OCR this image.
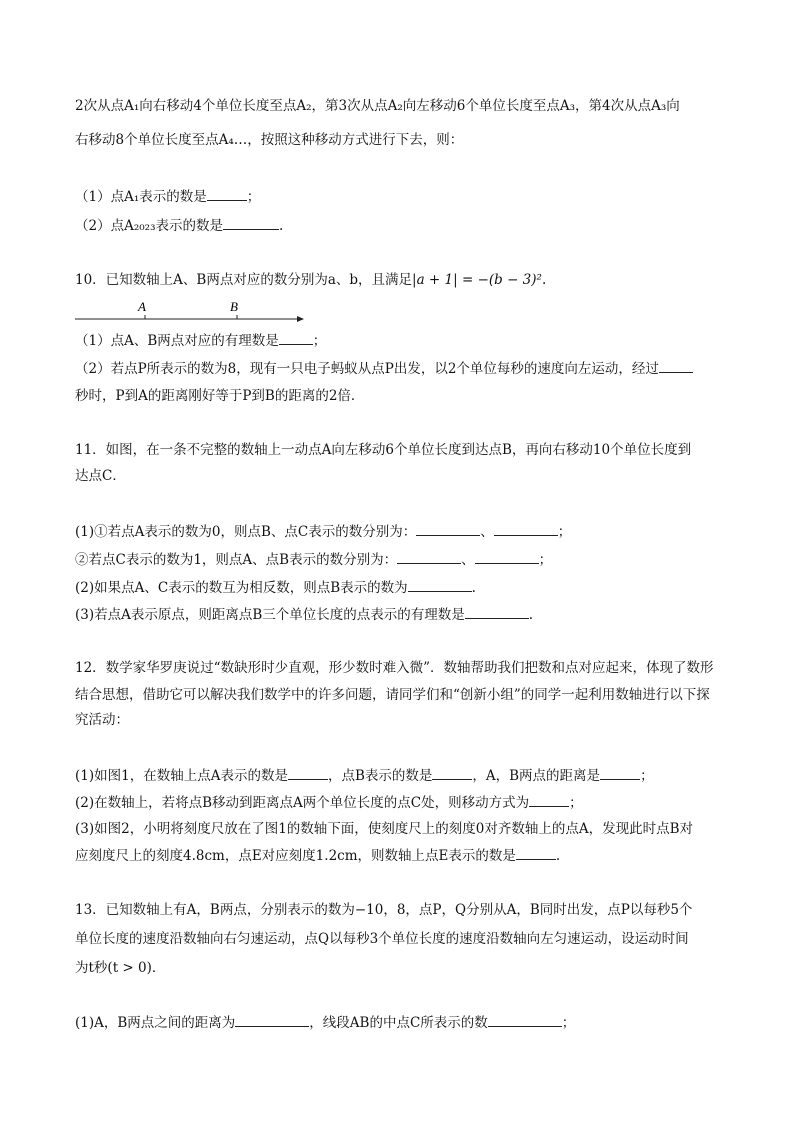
2次从点A₁向右移动4个单位长度至点A₂，第3次从点A₂向左移动6个单位长度至点A₃，第4次从点A₃向
右移动8个单位长度至点A₄…，按照这种移动方式进行下去，则：
（1）点A₁表示的数是	；
（2）点A₂₀₂₃表示的数是	.
10．已知数轴上A、B两点对应的数分别为a、b，且满足|a + 1| = −(b − 3)².
A	B
（1）点A、B两点对应的有理数是	；
（2）若点P所表示的数为8，现有一只电子蚂蚁从点P出发，以2个单位每秒的速度向左运动，经过
秒时，P到A的距离刚好等于P到B的距离的2倍．
11．如图，在一条不完整的数轴上一动点A向左移动6个单位长度到达点B，再向右移动10个单位长度到
达点C．
(1)①若点A表示的数为0，则点B、点C表示的数分别为：	、	；
②若点C表示的数为1，则点A、点B表示的数分别为：	、	；
(2)如果点A、C表示的数互为相反数，则点B表示的数为	.
(3)若点A表示原点，则距离点B三个单位长度的点表示的有理数是	.
12．数学家华罗庚说过“数缺形时少直观，形少数时难入微”．数轴帮助我们把数和点对应起来，体现了数形
结合思想，借助它可以解决我们数学中的许多问题，请同学们和“创新小组”的同学一起利用数轴进行以下探
究活动：
(1)如图1，在数轴上点A表示的数是	，点B表示的数是	，A，B两点的距离是	；
(2)在数轴上，若将点B移动到距离点A两个单位长度的点C处，则移动方式为	；
(3)如图2，小明将刻度尺放在了图1的数轴下面，使刻度尺上的刻度0对齐数轴上的点A，发现此时点B对
应刻度尺上的刻度4.8cm，点E对应刻度1.2cm，则数轴上点E表示的数是	.
13．已知数轴上有A，B两点，分别表示的数为−10，8，点P，Q分别从A，B同时出发，点P以每秒5个
单位长度的速度沿数轴向右匀速运动，点Q以每秒3个单位长度的速度沿数轴向左匀速运动，设运动时间
为t秒(t > 0)．
(1)A，B两点之间的距离为	，线段AB的中点C所表示的数	；
